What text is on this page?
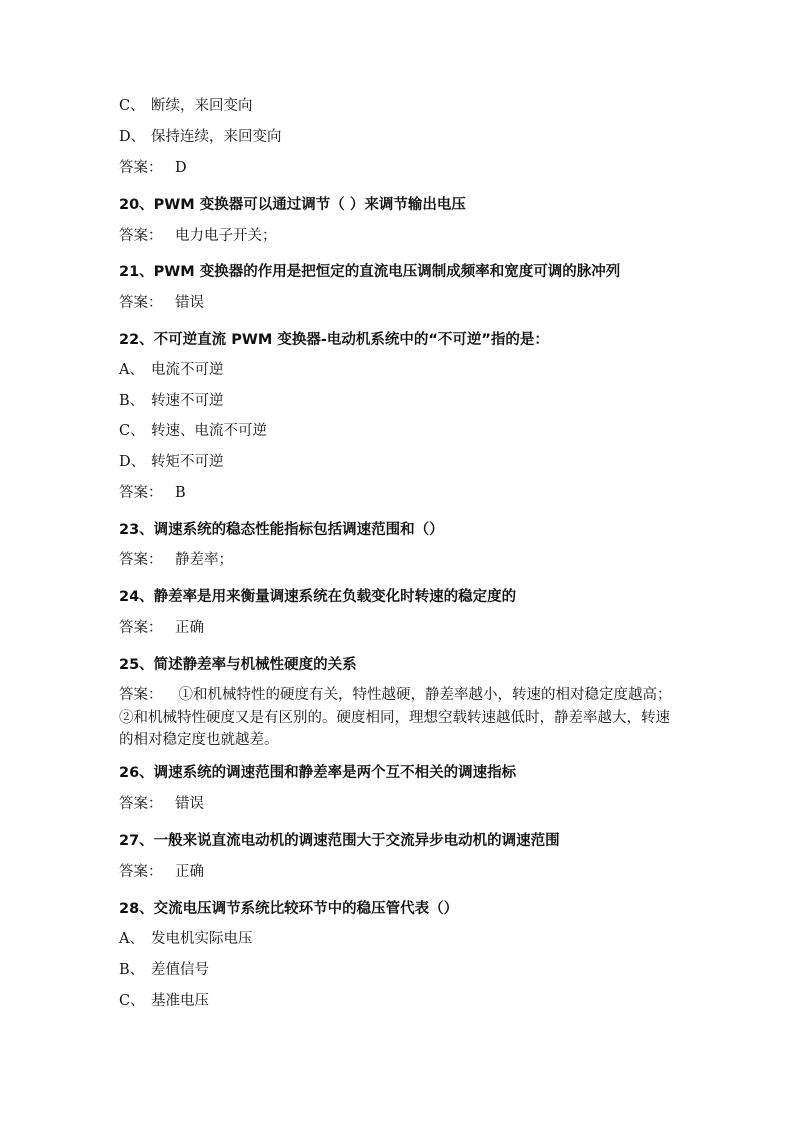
C、 断续，来回变向
D、 保持连续，来回变向
答案： D
20、PWM 变换器可以通过调节（ ）来调节输出电压
答案： 电力电子开关；
21、PWM 变换器的作用是把恒定的直流电压调制成频率和宽度可调的脉冲列
答案： 错误
22、不可逆直流 PWM 变换器-电动机系统中的“不可逆”指的是：
A、 电流不可逆
B、 转速不可逆
C、 转速、电流不可逆
D、 转矩不可逆
答案： B
23、调速系统的稳态性能指标包括调速范围和（）
答案： 静差率；
24、静差率是用来衡量调速系统在负载变化时转速的稳定度的
答案： 正确
25、简述静差率与机械性硬度的关系
答案： ①和机械特性的硬度有关，特性越硬，静差率越小，转速的相对稳定度越高；②和机械特性硬度又是有区别的。硬度相同，理想空载转速越低时，静差率越大，转速的相对稳定度也就越差。
26、调速系统的调速范围和静差率是两个互不相关的调速指标
答案： 错误
27、一般来说直流电动机的调速范围大于交流异步电动机的调速范围
答案： 正确
28、交流电压调节系统比较环节中的稳压管代表（）
A、 发电机实际电压
B、 差值信号
C、 基准电压
